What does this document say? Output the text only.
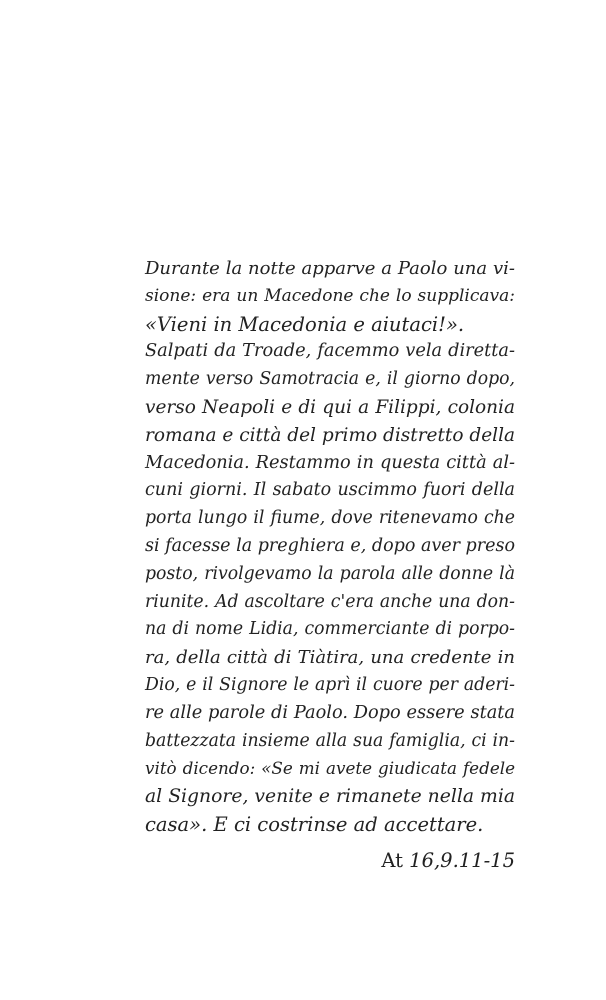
Durante la notte apparve a Paolo una vi-
sione: era un Macedone che lo supplicava:
«Vieni in Macedonia e aiutaci!».
Salpati da Troade, facemmo vela diretta-
mente verso Samotracia e, il giorno dopo,
verso Neapoli e di qui a Filippi, colonia
romana e città del primo distretto della
Macedonia. Restammo in questa città al-
cuni giorni. Il sabato uscimmo fuori della
porta lungo il fiume, dove ritenevamo che
si facesse la preghiera e, dopo aver preso
posto, rivolgevamo la parola alle donne là
riunite. Ad ascoltare c'era anche una don-
na di nome Lidia, commerciante di porpo-
ra, della città di Tiàtira, una credente in
Dio, e il Signore le aprì il cuore per aderi-
re alle parole di Paolo. Dopo essere stata
battezzata insieme alla sua famiglia, ci in-
vitò dicendo: «Se mi avete giudicata fedele
al Signore, venite e rimanete nella mia
casa». E ci costrinse ad accettare.
At 16,9.11-15
